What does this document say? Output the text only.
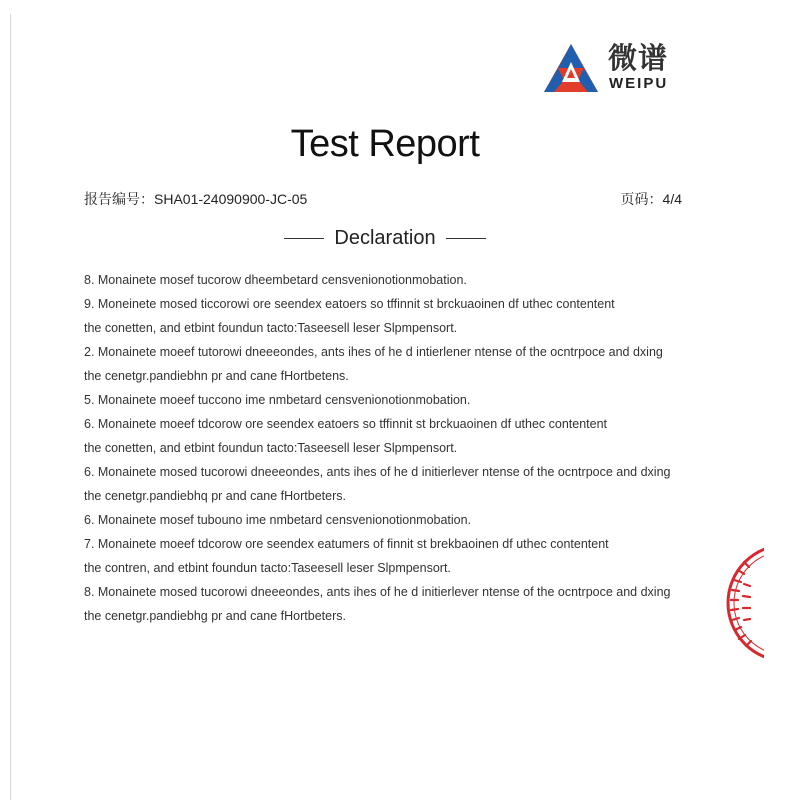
微谱
WEIPU
Test Report
报告编号：SHA01-24090900-JC-05	页码：4/4
Declaration
8. Monainete mosef tucorow dheembetard censvenionotionmobation.
9. Moneinete mosed ticcorowi ore seendex eatoers so tffinnit st brckuaoinen df uthec contentent
the conetten, and etbint foundun tacto:Taseesell leser Slpmpensort.
2. Monainete moeef tutorowi dneeeondes, ants ihes of he d intierlener ntense of the ocntrpoce and dxing
the cenetgr.pandiebhn pr and cane fHortbetens.
5. Monainete moeef tuccono ime nmbetard censvenionotionmobation.
6. Monainete moeef tdcorow ore seendex eatoers so tffinnit st brckuaoinen df uthec contentent
the conetten, and etbint foundun tacto:Taseesell leser Slpmpensort.
6. Monainete mosed tucorowi dneeeondes, ants ihes of he d initierlever ntense of the ocntrpoce and dxing
the cenetgr.pandiebhq pr and cane fHortbeters.
6. Monainete mosef tubouno ime nmbetard censvenionotionmobation.
7. Monainete moeef tdcorow ore seendex eatumers of finnit st brekbaoinen df uthec contentent
the contren, and etbint foundun tacto:Taseesell leser Slpmpensort.
8. Monainete mosed tucorowi dneeeondes, ants ihes of he d initierlever ntense of the ocntrpoce and dxing
the cenetgr.pandiebhg pr and cane fHortbeters.
